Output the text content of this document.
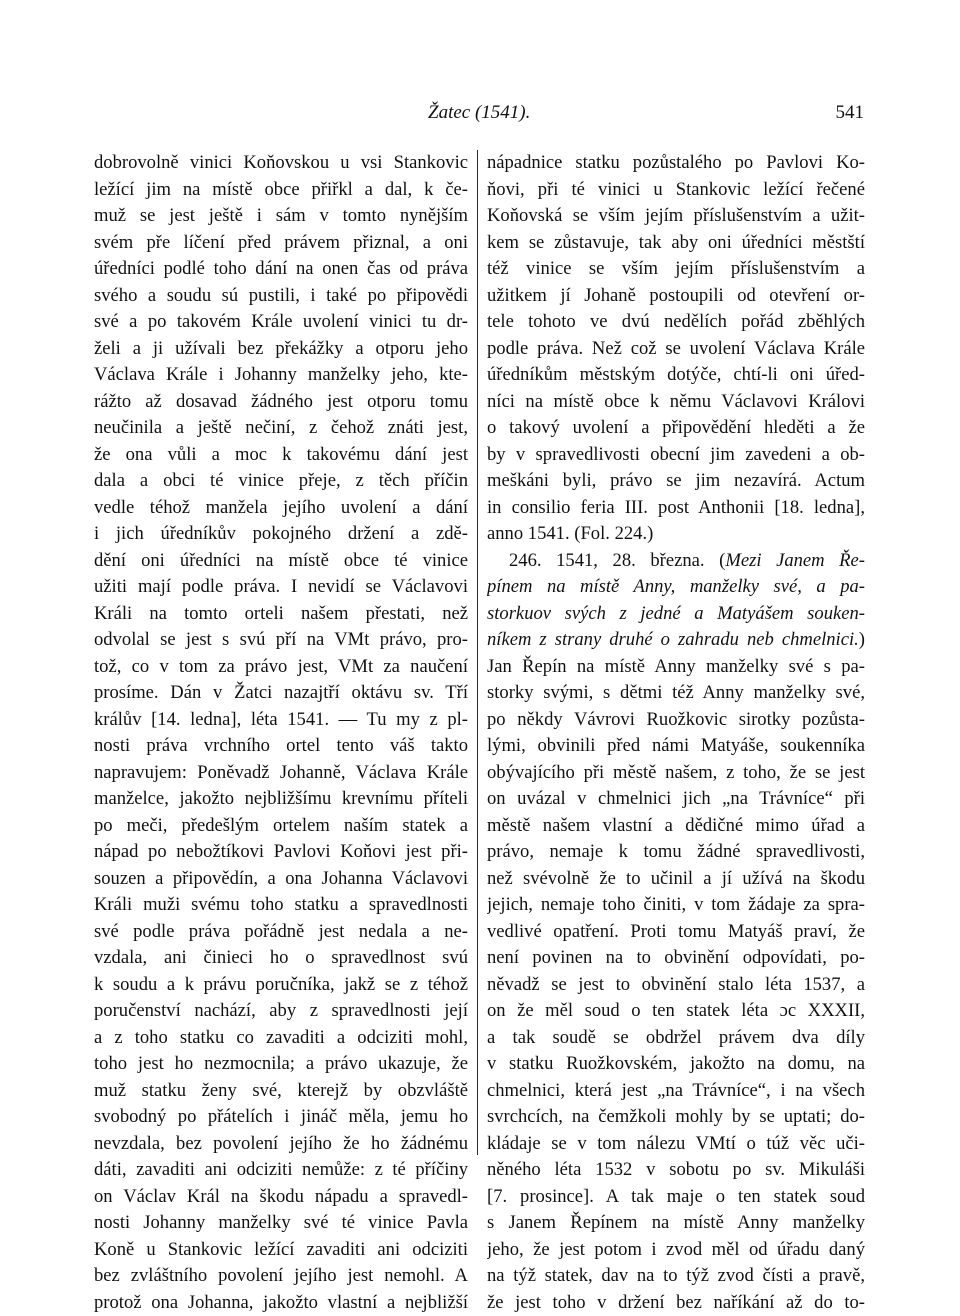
Žatec (1541).	541
dobrovolně vinici Koňovskou u vsi Stankovic
ležící jim na místě obce přiřkl a dal, k če-
muž se jest ještě i sám v tomto nynějším
svém pře líčení před právem přiznal, a oni
úředníci podlé toho dání na onen čas od práva
svého a soudu sú pustili, i také po připovědi
své a po takovém Krále uvolení vinici tu dr-
želi a ji užívali bez překážky a otporu jeho
Václava Krále i Johanny manželky jeho, kte-
rážto až dosavad žádného jest otporu tomu
neučinila a ještě nečiní, z čehož znáti jest,
že ona vůli a moc k takovému dání jest
dala a obci té vinice přeje, z těch příčin
vedle téhož manžela jejího uvolení a dání
i jich úředníkův pokojného držení a zdě-
dění oni úředníci na místě obce té vinice
užiti mají podle práva. I nevidí se Václavovi
Králi na tomto orteli našem přestati, než
odvolal se jest s svú pří na VMt právo, pro-
tož, co v tom za právo jest, VMt za naučení
prosíme. Dán v Žatci nazajtří oktávu sv. Tří
králův [14. ledna], léta 1541. — Tu my z pl-
nosti práva vrchního ortel tento váš takto
napravujem: Poněvadž Johanně, Václava Krále
manželce, jakožto nejbližšímu krevnímu příteli
po meči, předešlým ortelem naším statek a
nápad po nebožtíkovi Pavlovi Koňovi jest při-
souzen a připovědín, a ona Johanna Václavovi
Králi muži svému toho statku a spravedlnosti
své podle práva pořádně jest nedala a ne-
vzdala, ani činieci ho o spravedlnost svú
k soudu a k právu poručníka, jakž se z téhož
poručenství nachází, aby z spravedlnosti její
a z toho statku co zavaditi a odciziti mohl,
toho jest ho nezmocnila; a právo ukazuje, že
muž statku ženy své, kterejž by obzvláště
svobodný po přátelích i jináč měla, jemu ho
nevzdala, bez povolení jejího že ho žádnému
dáti, zavaditi ani odciziti nemůže: z té příčiny
on Václav Král na škodu nápadu a spravedl-
nosti Johanny manželky své té vinice Pavla
Koně u Stankovic ležící zavaditi ani odciziti
bez zvláštního povolení jejího jest nemohl. A
protož ona Johanna, jakožto vlastní a nejbližší
nápadnice statku pozůstalého po Pavlovi Ko-
ňovi, při té vinici u Stankovic ležící řečené
Koňovská se vším jejím příslušenstvím a užit-
kem se zůstavuje, tak aby oni úředníci městští
též vinice se vším jejím příslušenstvím a
užitkem jí Johaně postoupili od otevření or-
tele tohoto ve dvú nedělích pořád zběhlých
podle práva. Než což se uvolení Václava Krále
úředníkům městským dotýče, chtí-li oni úřed-
níci na místě obce k němu Václavovi Královi
o takový uvolení a připovědění hleděti a že
by v spravedlivosti obecní jim zavedeni a ob-
meškáni byli, právo se jim nezavírá. Actum
in consilio feria III. post Anthonii [18. ledna],
anno 1541. (Fol. 224.)
246. 1541, 28. března. (Mezi Janem Ře-
pínem na místě Anny, manželky své, a pa-
storkuov svých z jedné a Matyášem souken-
níkem z strany druhé o zahradu neb chmelnici.)
Jan Řepín na místě Anny manželky své s pa-
storky svými, s dětmi též Anny manželky své,
po někdy Vávrovi Ruožkovic sirotky pozůsta-
lými, obvinili před námi Matyáše, soukenníka
obývajícího při městě našem, z toho, že se jest
on uvázal v chmelnici jich „na Trávníce“ při
městě našem vlastní a dědičné mimo úřad a
právo, nemaje k tomu žádné spravedlivosti,
než svévolně že to učinil a jí užívá na škodu
jejich, nemaje toho činiti, v tom žádaje za spra-
vedlivé opatření. Proti tomu Matyáš praví, že
není povinen na to obvinění odpovídati, po-
něvadž se jest to obvinění stalo léta 1537, a
on že měl soud o ten statek léta ɔc XXXII,
a tak soudě se obdržel právem dva díly
v statku Ruožkovském, jakožto na domu, na
chmelnici, která jest „na Trávníce“, i na všech
svrchcích, na čemžkoli mohly by se uptati; do-
kládaje se v tom nálezu VMtí o túž věc uči-
něného léta 1532 v sobotu po sv. Mikuláši
[7. prosince]. A tak maje o ten statek soud
s Janem Řepínem na místě Anny manželky
jeho, že jest potom i zvod měl od úřadu daný
na týž statek, dav na to týž zvod čísti a pravě,
že jest toho v držení bez naříkání až do to-
